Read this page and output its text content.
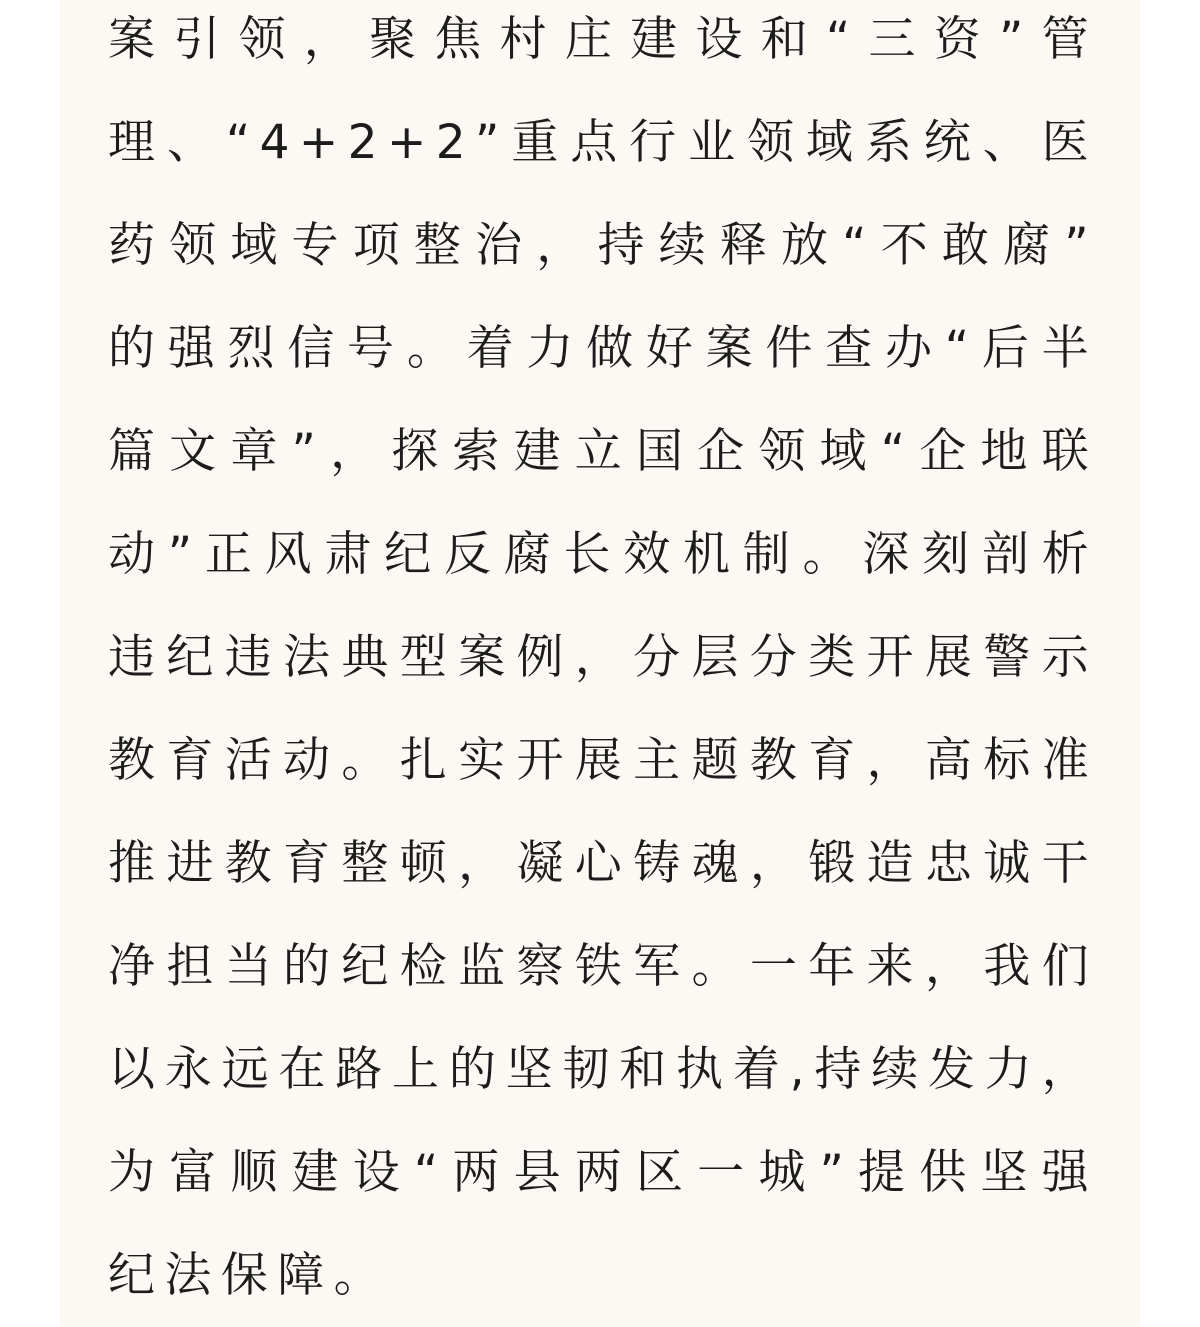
案引领，聚焦村庄建设和“三资”管
理、“4+2+2”重点行业领域系统、医
药领域专项整治，持续释放“不敢腐”
的强烈信号。着力做好案件查办“后半
篇文章”，探索建立国企领域“企地联
动”正风肃纪反腐长效机制。深刻剖析
违纪违法典型案例，分层分类开展警示
教育活动。扎实开展主题教育，高标准
推进教育整顿，凝心铸魂，锻造忠诚干
净担当的纪检监察铁军。一年来，我们
以永远在路上的坚韧和执着,持续发力，
为富顺建设“两县两区一城”提供坚强
纪法保障。
